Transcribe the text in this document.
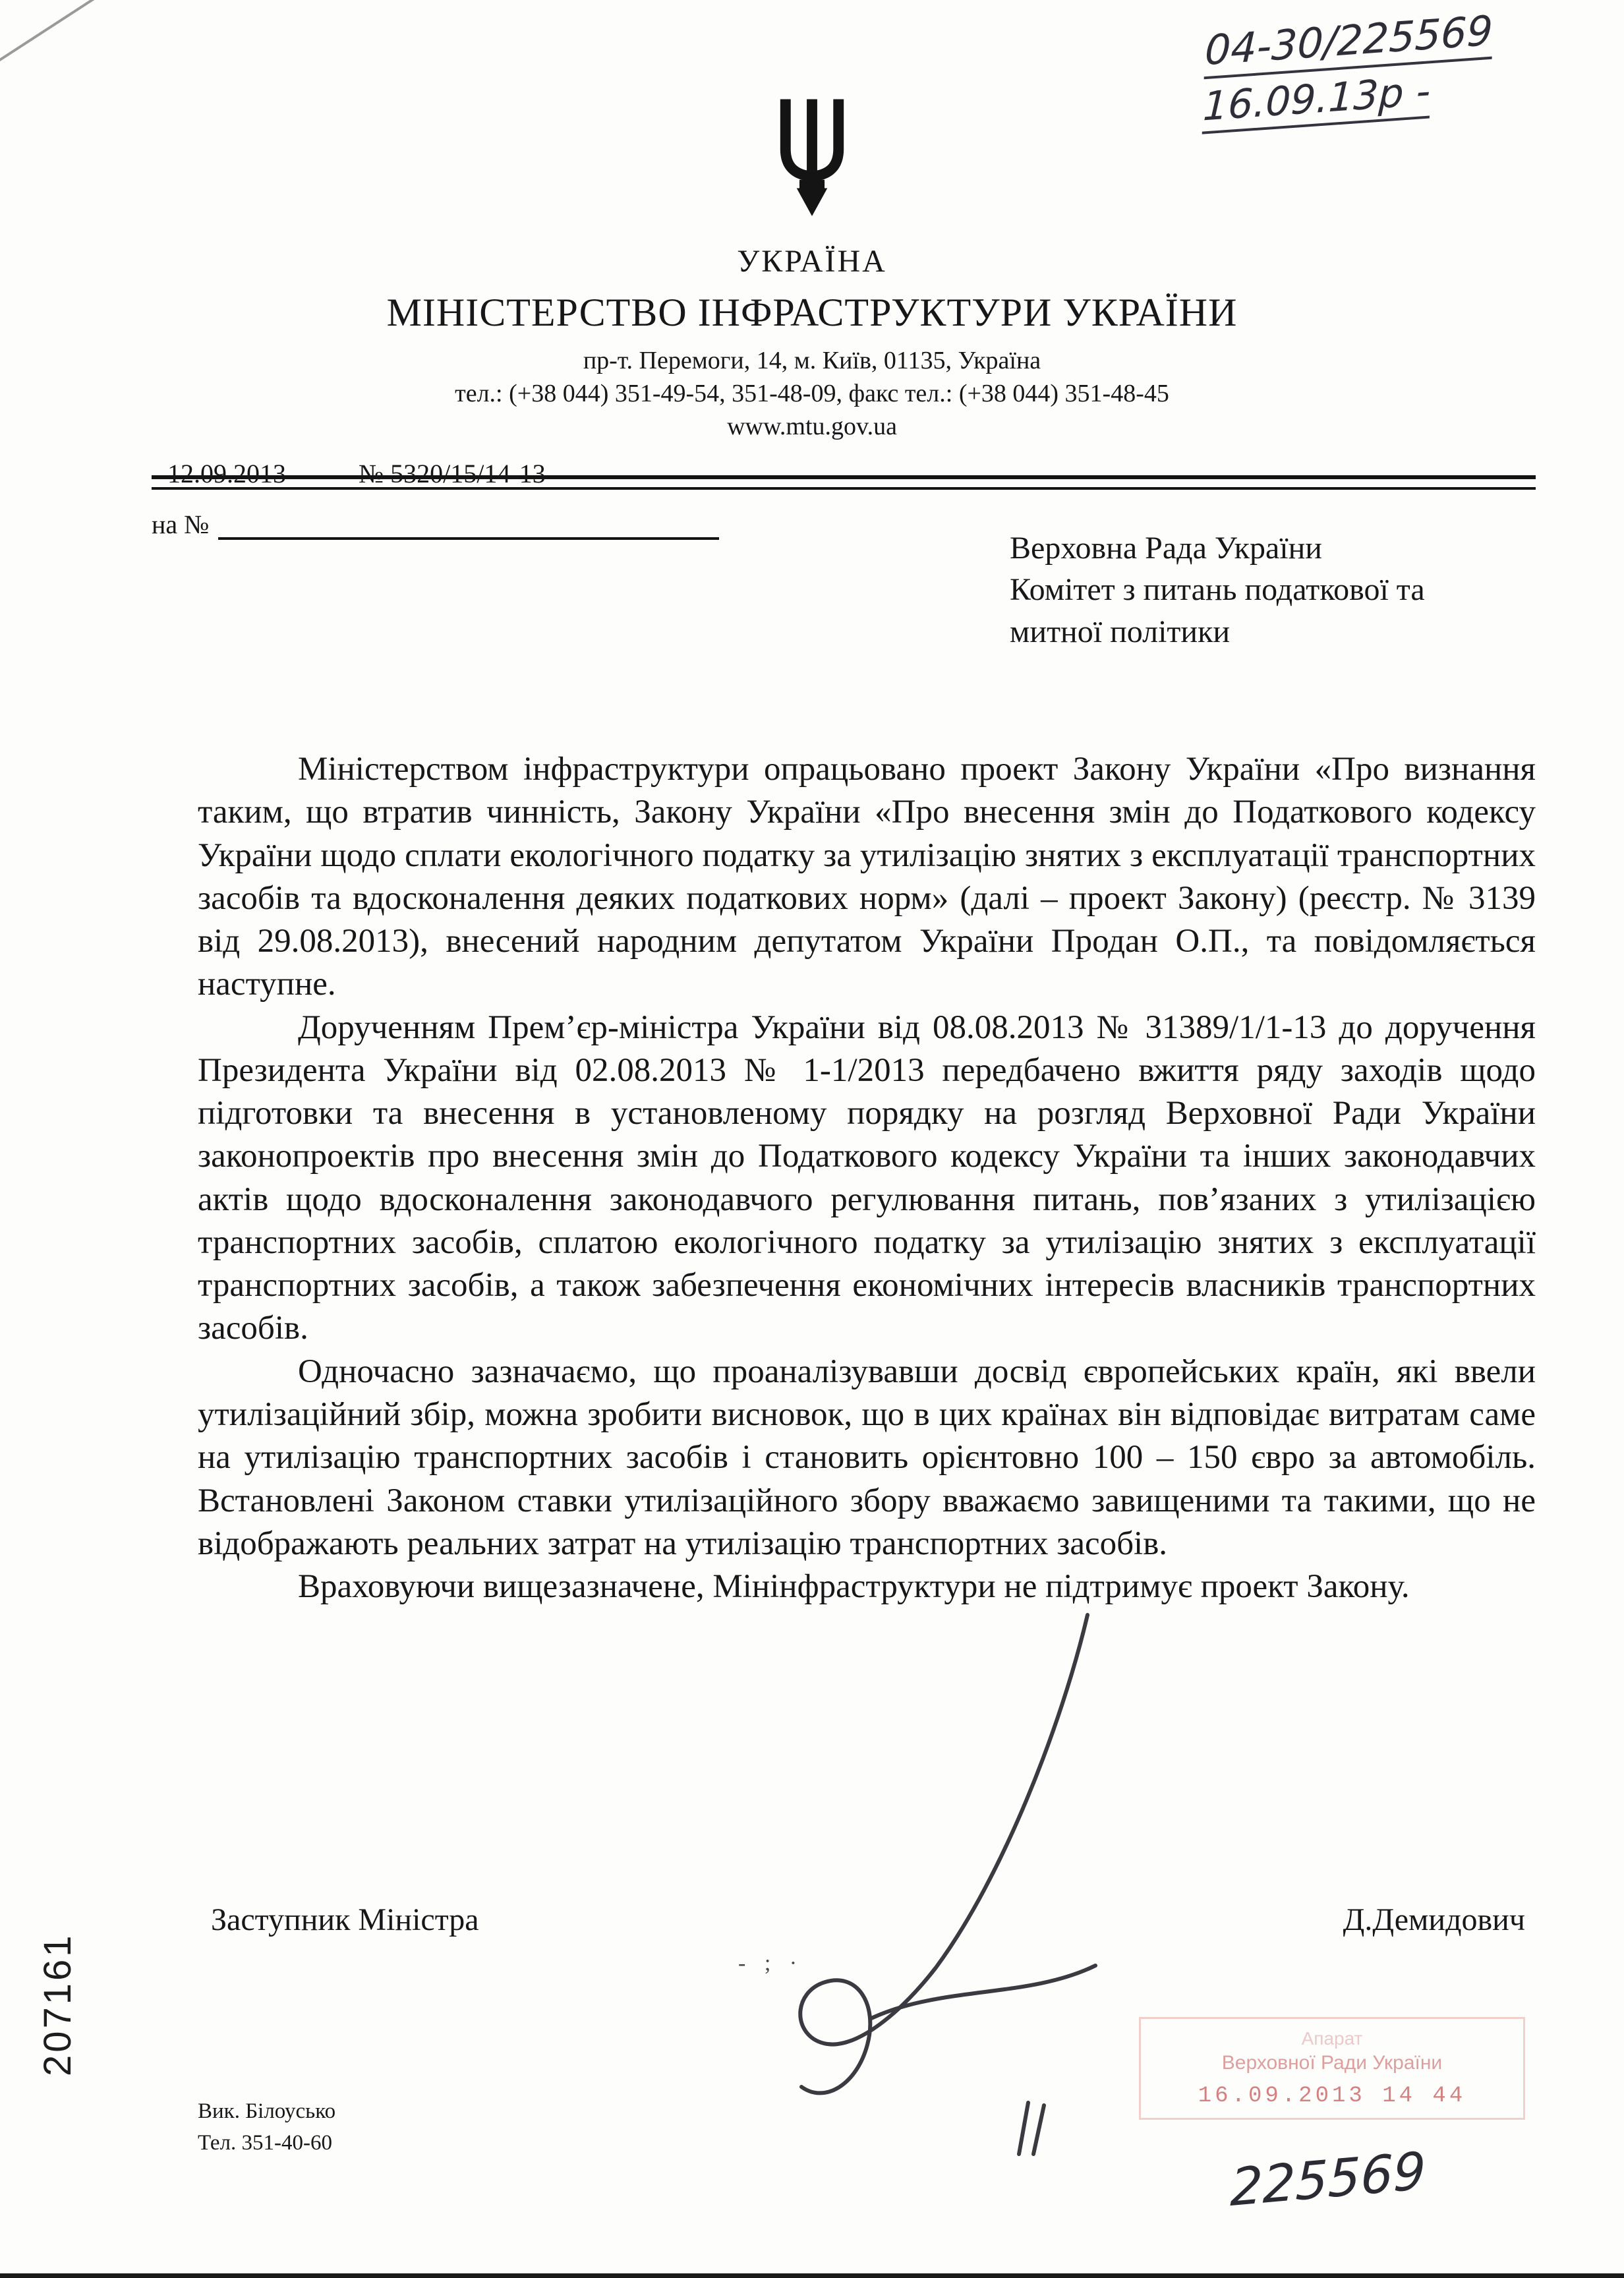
04-30/225569
16.09.13р -
УКРАЇНА
МІНІСТЕРСТВО ІНФРАСТРУКТУРИ УКРАЇНИ
пр-т. Перемоги, 14, м. Київ, 01135, Україна
тел.: (+38 044) 351-49-54, 351-48-09, факс тел.: (+38 044) 351-48-45
www.mtu.gov.ua
12.09.2013	№ 5320/15/14-13
на №
Верховна Рада України
Комітет з питань податкової та
митної політики

Міністерством інфраструктури опрацьовано проект Закону України «Про визнання таким, що втратив чинність, Закону України «Про внесення змін до Податкового кодексу України щодо сплати екологічного податку за утилізацію знятих з експлуатації транспортних засобів та вдосконалення деяких податкових норм» (далі – проект Закону) (реєстр. № 3139 від 29.08.2013), внесений народним депутатом України Продан О.П., та повідомляється наступне.

Дорученням Прем’єр-міністра України від 08.08.2013 № 31389/1/1-13 до доручення Президента України від 02.08.2013 № 1-1/2013 передбачено вжиття ряду заходів щодо підготовки та внесення в установленому порядку на розгляд Верховної Ради України законопроектів про внесення змін до Податкового кодексу України та інших законодавчих актів щодо вдосконалення законодавчого регулювання питань, пов’язаних з утилізацією транспортних засобів, сплатою екологічного податку за утилізацію знятих з експлуатації транспортних засобів, а також забезпечення економічних інтересів власників транспортних засобів.

Одночасно зазначаємо, що проаналізувавши досвід європейських країн, які ввели утилізаційний збір, можна зробити висновок, що в цих країнах він відповідає витратам саме на утилізацію транспортних засобів і становить орієнтовно 100 – 150 євро за автомобіль. Встановлені Законом ставки утилізаційного збору вважаємо завищеними та такими, що не відображають реальних затрат на утилізацію транспортних засобів.

Враховуючи вищезазначене, Мінінфраструктури не підтримує проект Закону.

- ; ·
Заступник Міністра	Д.Демидович
207161
Вик. Білоусько
Тел. 351-40-60
Апарат
Верховної Ради України
16.09.2013 14 44
225569
